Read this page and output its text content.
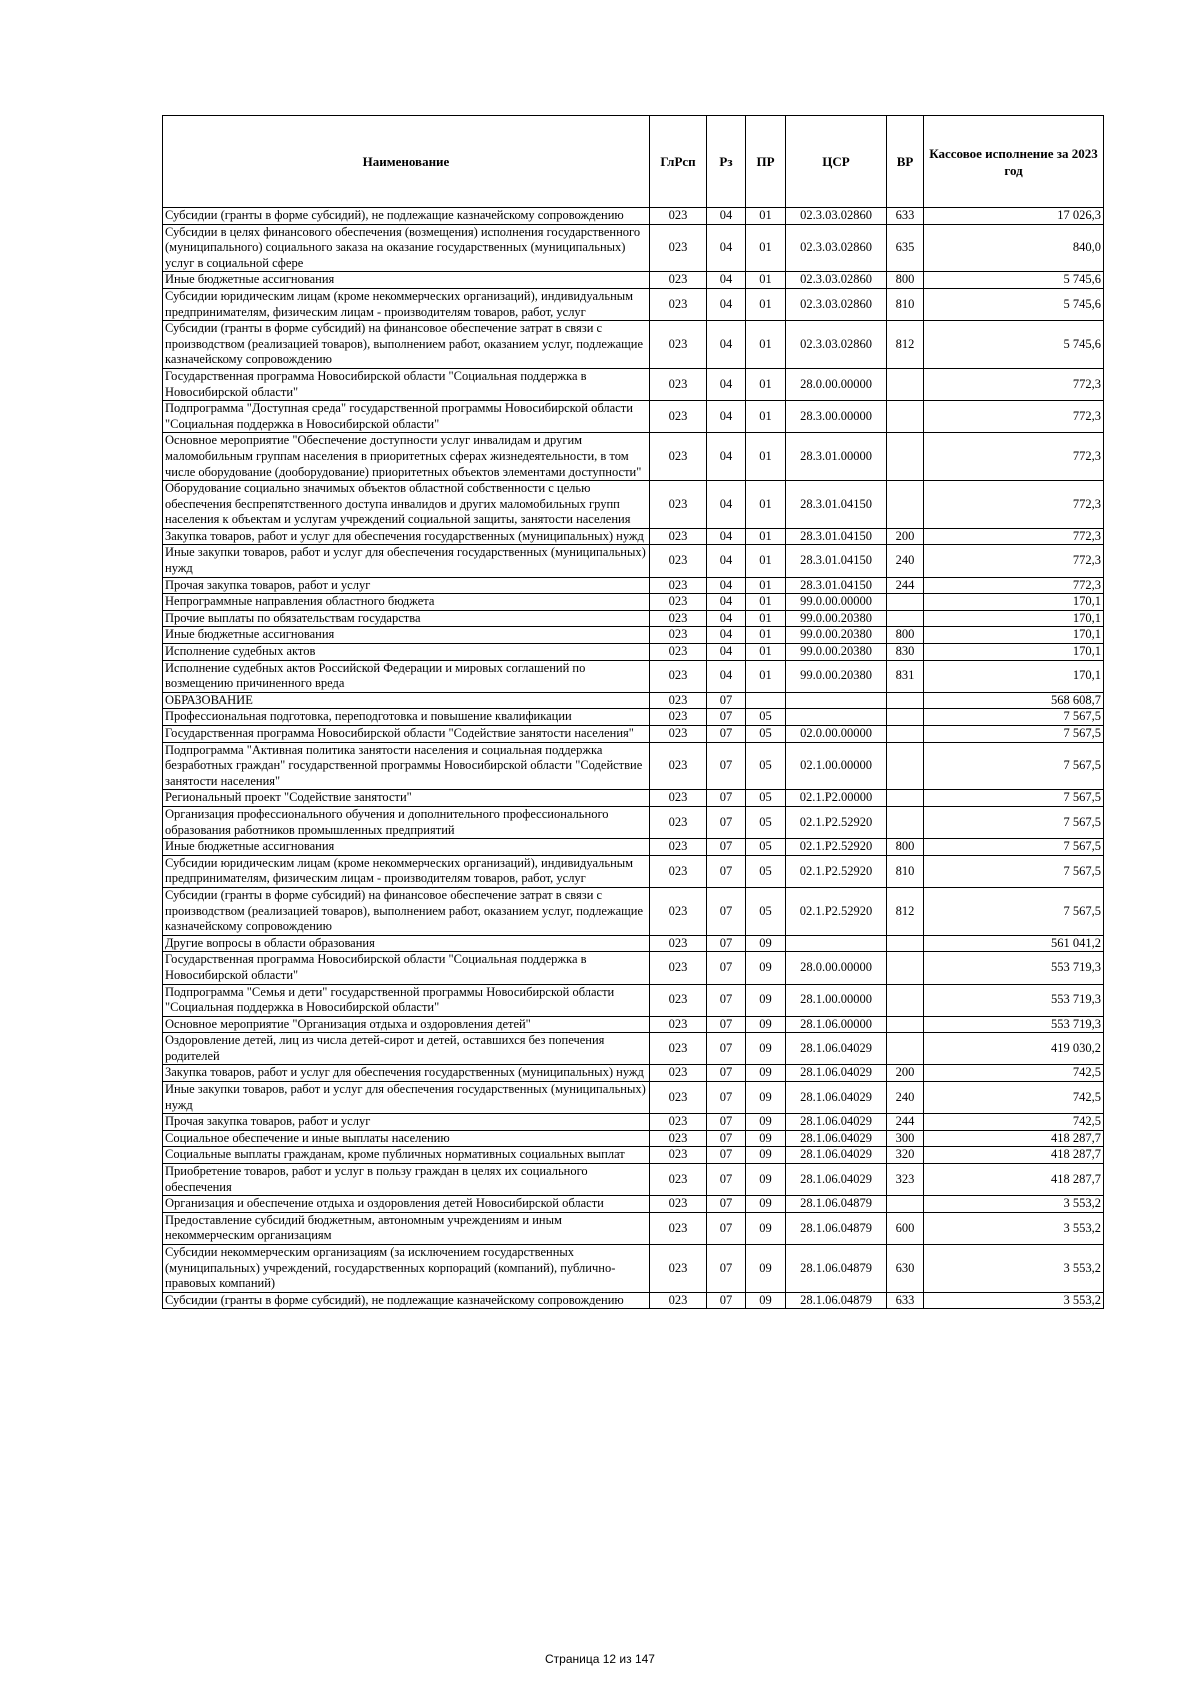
Наименование	ГлРсп	Рз	ПР	ЦСР	ВР	Кассовое исполнение за 2023 год
Субсидии (гранты в форме субсидий), не подлежащие казначейскому сопровождению	023	04	01	02.3.03.02860	633	17 026,3
Субсидии в целях финансового обеспечения (возмещения) исполнения государственного (муниципального) социального заказа на оказание государственных (муниципальных) услуг в социальной сфере	023	04	01	02.3.03.02860	635	840,0
Иные бюджетные ассигнования	023	04	01	02.3.03.02860	800	5 745,6
Субсидии юридическим лицам (кроме некоммерческих организаций), индивидуальным предпринимателям, физическим лицам - производителям товаров, работ, услуг	023	04	01	02.3.03.02860	810	5 745,6
Субсидии (гранты в форме субсидий) на финансовое обеспечение затрат в связи с производством (реализацией товаров), выполнением работ, оказанием услуг, подлежащие казначейскому сопровождению	023	04	01	02.3.03.02860	812	5 745,6
Государственная программа Новосибирской области "Социальная поддержка в Новосибирской области"	023	04	01	28.0.00.00000		772,3
Подпрограмма "Доступная среда" государственной программы Новосибирской области "Социальная поддержка в Новосибирской области"	023	04	01	28.3.00.00000		772,3
Основное мероприятие "Обеспечение доступности услуг инвалидам и другим маломобильным группам населения в приоритетных сферах жизнедеятельности, в том числе оборудование (дооборудование) приоритетных объектов элементами доступности"	023	04	01	28.3.01.00000		772,3
Оборудование социально значимых объектов областной собственности с целью обеспечения беспрепятственного доступа инвалидов и других маломобильных групп населения к объектам и услугам учреждений социальной защиты, занятости населения	023	04	01	28.3.01.04150		772,3
Закупка товаров, работ и услуг для обеспечения государственных (муниципальных) нужд	023	04	01	28.3.01.04150	200	772,3
Иные закупки товаров, работ и услуг для обеспечения государственных (муниципальных) нужд	023	04	01	28.3.01.04150	240	772,3
Прочая закупка товаров, работ и услуг	023	04	01	28.3.01.04150	244	772,3
Непрограммные направления областного бюджета	023	04	01	99.0.00.00000		170,1
Прочие выплаты по обязательствам государства	023	04	01	99.0.00.20380		170,1
Иные бюджетные ассигнования	023	04	01	99.0.00.20380	800	170,1
Исполнение судебных актов	023	04	01	99.0.00.20380	830	170,1
Исполнение судебных актов Российской Федерации и мировых соглашений по возмещению причиненного вреда	023	04	01	99.0.00.20380	831	170,1
ОБРАЗОВАНИЕ	023	07				568 608,7
Профессиональная подготовка, переподготовка и повышение квалификации	023	07	05			7 567,5
Государственная программа Новосибирской области "Содействие занятости населения"	023	07	05	02.0.00.00000		7 567,5
Подпрограмма "Активная политика занятости населения и социальная поддержка безработных граждан" государственной программы Новосибирской области "Содействие занятости населения"	023	07	05	02.1.00.00000		7 567,5
Региональный проект "Содействие занятости"	023	07	05	02.1.P2.00000		7 567,5
Организация профессионального обучения и дополнительного профессионального образования работников промышленных предприятий	023	07	05	02.1.P2.52920		7 567,5
Иные бюджетные ассигнования	023	07	05	02.1.P2.52920	800	7 567,5
Субсидии юридическим лицам (кроме некоммерческих организаций), индивидуальным предпринимателям, физическим лицам - производителям товаров, работ, услуг	023	07	05	02.1.P2.52920	810	7 567,5
Субсидии (гранты в форме субсидий) на финансовое обеспечение затрат в связи с производством (реализацией товаров), выполнением работ, оказанием услуг, подлежащие казначейскому сопровождению	023	07	05	02.1.P2.52920	812	7 567,5
Другие вопросы в области образования	023	07	09			561 041,2
Государственная программа Новосибирской области "Социальная поддержка в Новосибирской области"	023	07	09	28.0.00.00000		553 719,3
Подпрограмма "Семья и дети" государственной программы Новосибирской области "Социальная поддержка в Новосибирской области"	023	07	09	28.1.00.00000		553 719,3
Основное мероприятие "Организация отдыха и оздоровления детей"	023	07	09	28.1.06.00000		553 719,3
Оздоровление детей, лиц из числа детей-сирот и детей, оставшихся без попечения родителей	023	07	09	28.1.06.04029		419 030,2
Закупка товаров, работ и услуг для обеспечения государственных (муниципальных) нужд	023	07	09	28.1.06.04029	200	742,5
Иные закупки товаров, работ и услуг для обеспечения государственных (муниципальных) нужд	023	07	09	28.1.06.04029	240	742,5
Прочая закупка товаров, работ и услуг	023	07	09	28.1.06.04029	244	742,5
Социальное обеспечение и иные выплаты населению	023	07	09	28.1.06.04029	300	418 287,7
Социальные выплаты гражданам, кроме публичных нормативных социальных выплат	023	07	09	28.1.06.04029	320	418 287,7
Приобретение товаров, работ и услуг в пользу граждан в целях их социального обеспечения	023	07	09	28.1.06.04029	323	418 287,7
Организация и обеспечение отдыха и оздоровления детей Новосибирской области	023	07	09	28.1.06.04879		3 553,2
Предоставление субсидий бюджетным, автономным учреждениям и иным некоммерческим организациям	023	07	09	28.1.06.04879	600	3 553,2
Субсидии некоммерческим организациям (за исключением государственных (муниципальных) учреждений, государственных корпораций (компаний), публично-правовых компаний)	023	07	09	28.1.06.04879	630	3 553,2
Субсидии (гранты в форме субсидий), не подлежащие казначейскому сопровождению	023	07	09	28.1.06.04879	633	3 553,2
Страница 12 из 147
